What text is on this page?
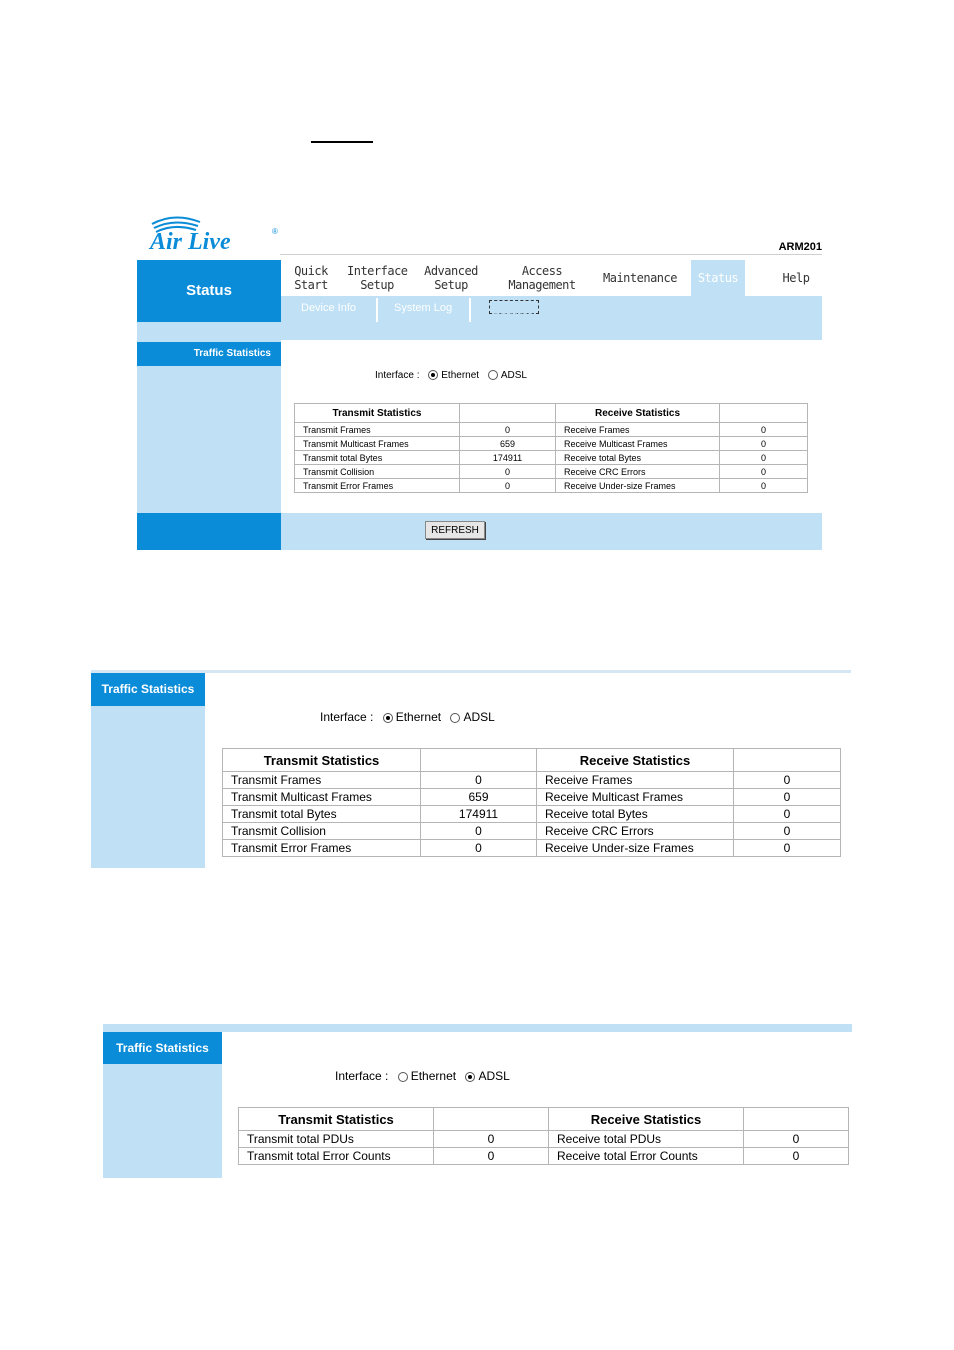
Air Live	®
ARM201
Status
Quick
Start
Interface
Setup
Advanced
Setup
Access
Management	Maintenance	Status	Help
Device Info	System Log	Statistics
Traffic Statistics
Interface : Ethernet ADSL
Transmit Statistics		Receive Statistics	
Transmit Frames	0	Receive Frames	0
Transmit Multicast Frames	659	Receive Multicast Frames	0
Transmit total Bytes	174911	Receive total Bytes	0
Transmit Collision	0	Receive CRC Errors	0
Transmit Error Frames	0	Receive Under-size Frames	0
REFRESH
Traffic Statistics
Interface : Ethernet ADSL
Transmit Statistics		Receive Statistics	
Transmit Frames	0	Receive Frames	0
Transmit Multicast Frames	659	Receive Multicast Frames	0
Transmit total Bytes	174911	Receive total Bytes	0
Transmit Collision	0	Receive CRC Errors	0
Transmit Error Frames	0	Receive Under-size Frames	0
Traffic Statistics
Interface : Ethernet ADSL
Transmit Statistics		Receive Statistics	
Transmit total PDUs	0	Receive total PDUs	0
Transmit total Error Counts	0	Receive total Error Counts	0
